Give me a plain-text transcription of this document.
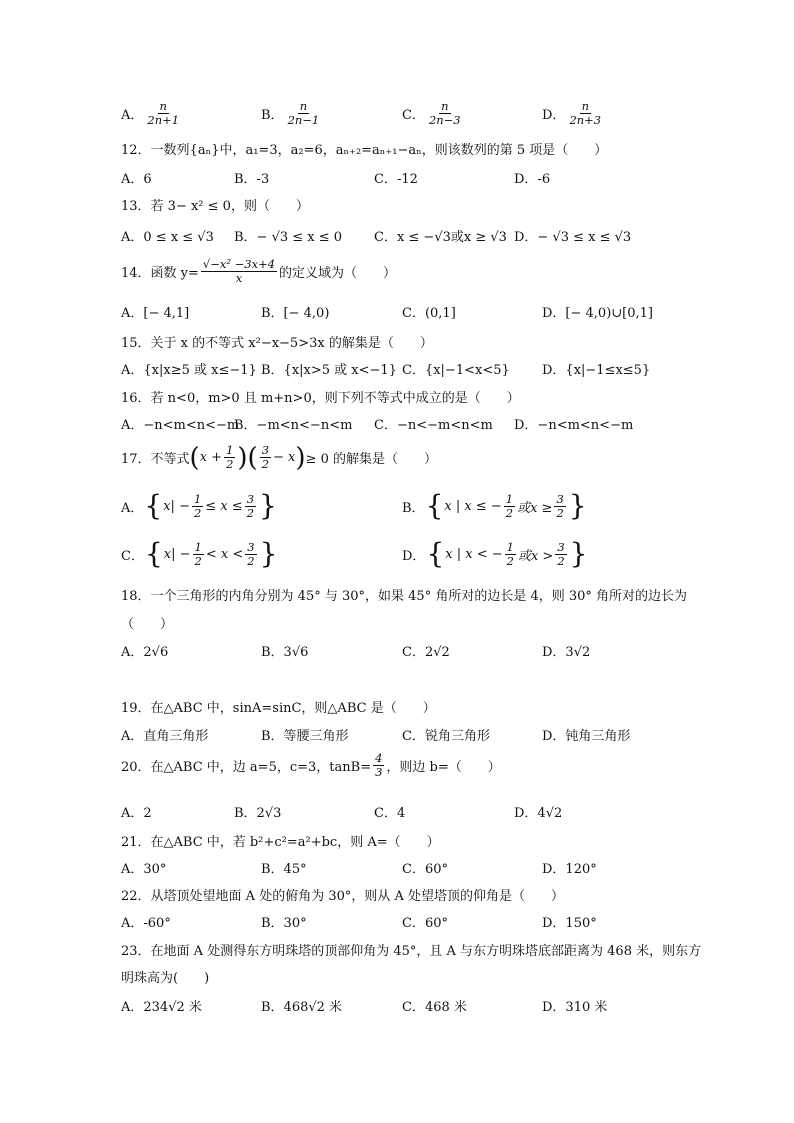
A． $\frac{n}{2n+1}$	B． $\frac{n}{2n-1}$	C． $\frac{n}{2n-3}$	D． $\frac{n}{2n+3}$
12．一数列{aₙ}中，a₁=3，a₂=6，aₙ₊₂=aₙ₊₁−aₙ，则该数列的第 5 项是（　　）
A．6	B．-3	C．-12	D．-6
13．若 3− x² ≤ 0，则（　　）
A．0 ≤ x ≤ √3 B．− √3 ≤ x ≤ 0 C．x ≤ −√3或x ≥ √3 D．− √3 ≤ x ≤ √3
14．函数 $y= \frac{\text{√−x² −3x+4}}{x}$ 的定义域为（　　）
A．[− 4,1]	B．[− 4,0)	C．(0,1]	D．[− 4,0)∪[0,1]
15．关于 x 的不等式 x²−x−5>3x 的解集是（　　）
A．{x|x≥5 或 x≤−1} B．{x|x>5 或 x<−1} C．{x|−1<x<5} D．{x|−1≤x≤5}
16．若 n<0，m>0 且 m+n>0，则下列不等式中成立的是（　　）
A．−n<m<n<−m
B．−m<n<−n<m C．−n<−m<n<m D．−n<m<n<−m
17．不等式 ( $x + \frac{1}{2}$ ) ( $\frac{3}{2} - x$ ) ≥ 0 的解集是（　　）
A． { $x| - \frac{1}{2} \le x \le \frac{3}{2}$ }	B． { x | x ≤ − $\frac{1}{2}$ 或$x \ge \frac{3}{2}$ }
C． { $x| - \frac{1}{2} < x < \frac{3}{2}$ }	D． { x | x < − $\frac{1}{2}$ 或$x > \frac{3}{2}$ }
18．一个三角形的内角分别为 45° 与 30°，如果 45° 角所对的边长是 4，则 30° 角所对的边长为
（　　）
A．2√6	B．3√6	C．2√2	D．3√2
19．在△ABC 中，sinA=sinC，则△ABC 是（　　）
A．直角三角形	B．等腰三角形	C．锐角三角形	D．钝角三角形
20．在△ABC 中，边 a=5，c=3，$\tan B= \frac{4}{3}$ ，则边 b=（　　）
A．2	B．2√3	C．4	D．4√2
21．在△ABC 中，若 b²+c²=a²+bc，则 A=（　　）
A．30°	B．45°	C．60°	D．120°
22．从塔顶处望地面 A 处的俯角为 30°，则从 A 处望塔顶的仰角是（　　）
A．-60°	B．30°	C．60°	D．150°
23．在地面 A 处测得东方明珠塔的顶部仰角为 45°，且 A 与东方明珠塔底部距离为 468 米，则东方
明珠高为(　　)
A．234√2 米	B．468√2 米	C．468 米	D．310 米
